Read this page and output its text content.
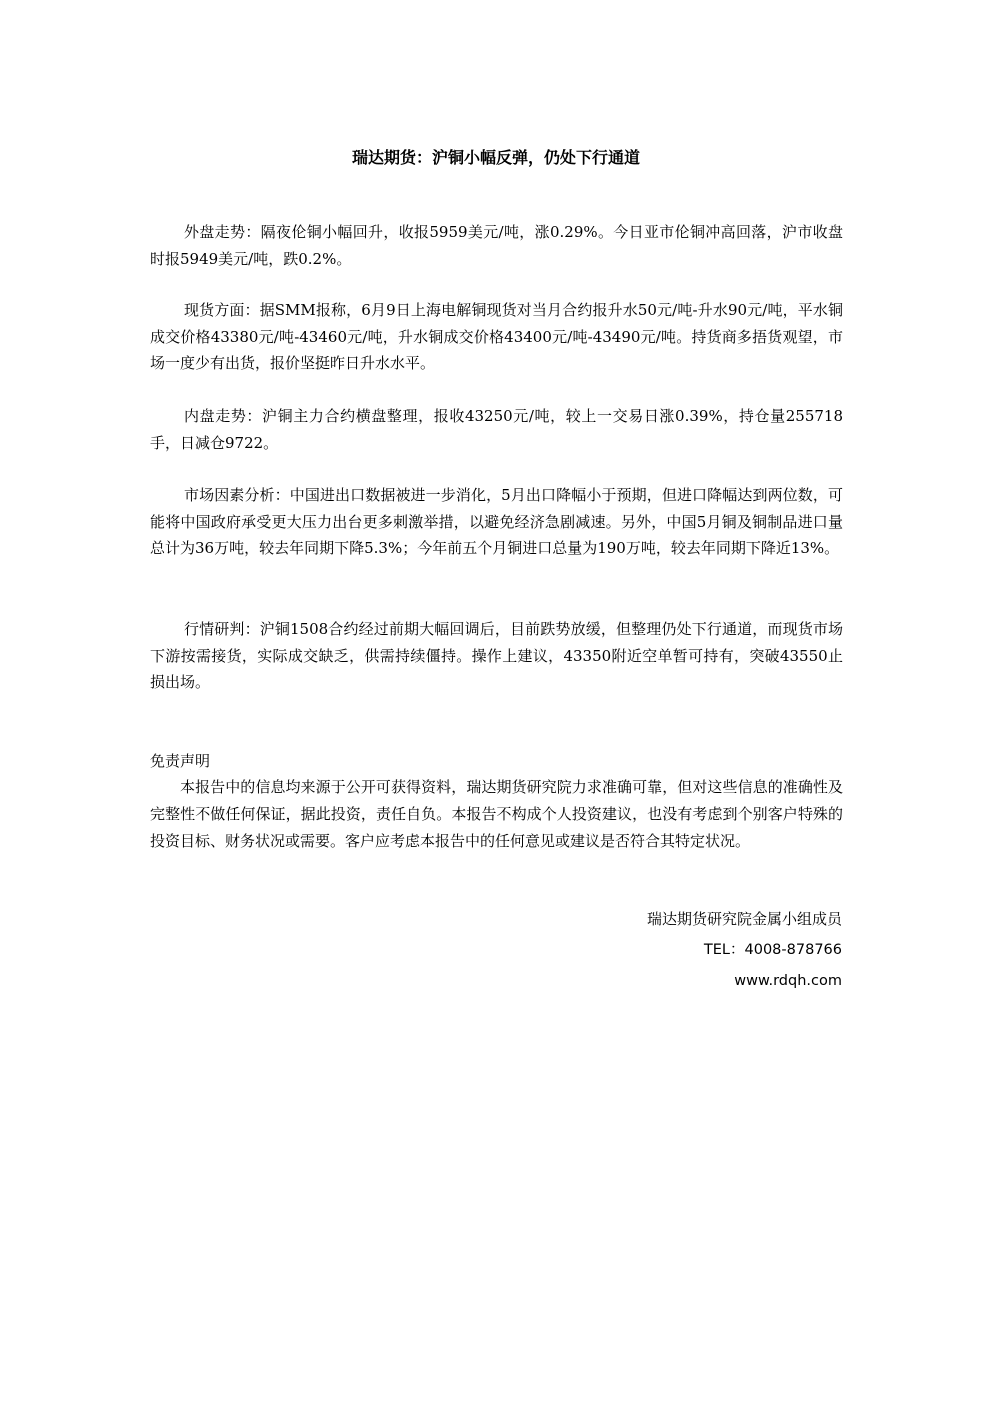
瑞达期货：沪铜小幅反弹，仍处下行通道

外盘走势：隔夜伦铜小幅回升，收报5959美元/吨，涨0.29%。今日亚市伦铜冲高回落，沪市收盘时报5949美元/吨，跌0.2%。

现货方面：据SMM报称，6月9日上海电解铜现货对当月合约报升水50元/吨-升水90元/吨，平水铜成交价格43380元/吨-43460元/吨，升水铜成交价格43400元/吨-43490元/吨。持货商多捂货观望，市场一度少有出货，报价坚挺昨日升水水平。

内盘走势：沪铜主力合约横盘整理，报收43250元/吨，较上一交易日涨0.39%，持仓量255718手，日减仓9722。

市场因素分析：中国进出口数据被进一步消化，5月出口降幅小于预期，但进口降幅达到两位数，可能将中国政府承受更大压力出台更多刺激举措，以避免经济急剧减速。另外，中国5月铜及铜制品进口量总计为36万吨，较去年同期下降5.3%；今年前五个月铜进口总量为190万吨，较去年同期下降近13%。

行情研判：沪铜1508合约经过前期大幅回调后，目前跌势放缓，但整理仍处下行通道，而现货市场下游按需接货，实际成交缺乏，供需持续僵持。操作上建议，43350附近空单暂可持有，突破43550止损出场。

免责声明

本报告中的信息均来源于公开可获得资料，瑞达期货研究院力求准确可靠，但对这些信息的准确性及完整性不做任何保证，据此投资，责任自负。本报告不构成个人投资建议，也没有考虑到个别客户特殊的投资目标、财务状况或需要。客户应考虑本报告中的任何意见或建议是否符合其特定状况。

瑞达期货研究院金属小组成员
TEL：4008-878766
www.rdqh.com
